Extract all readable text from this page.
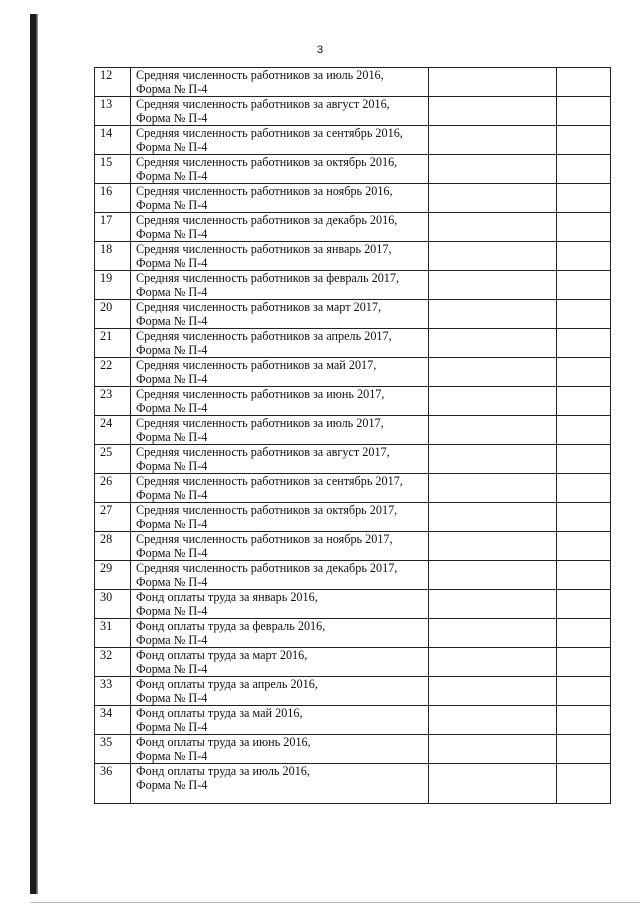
3
12	Средняя численность работников за июль 2016,
Форма № П-4		

13	Средняя численность работников за август 2016,
Форма № П-4		

14	Средняя численность работников за сентябрь 2016,
Форма № П-4		

15	Средняя численность работников за октябрь 2016,
Форма № П-4		

16	Средняя численность работников за ноябрь 2016,
Форма № П-4		

17	Средняя численность работников за декабрь 2016,
Форма № П-4		

18	Средняя численность работников за январь 2017,
Форма № П-4		

19	Средняя численность работников за февраль 2017,
Форма № П-4		

20	Средняя численность работников за март 2017,
Форма № П-4		

21	Средняя численность работников за апрель 2017,
Форма № П-4		

22	Средняя численность работников за май 2017,
Форма № П-4		

23	Средняя численность работников за июнь 2017,
Форма № П-4		

24	Средняя численность работников за июль 2017,
Форма № П-4		

25	Средняя численность работников за август 2017,
Форма № П-4		

26	Средняя численность работников за сентябрь 2017,
Форма № П-4		

27	Средняя численность работников за октябрь 2017,
Форма № П-4		

28	Средняя численность работников за ноябрь 2017,
Форма № П-4		

29	Средняя численность работников за декабрь 2017,
Форма № П-4		

30	Фонд оплаты труда за январь 2016,
Форма № П-4		

31	Фонд оплаты труда за февраль 2016,
Форма № П-4		

32	Фонд оплаты труда за март 2016,
Форма № П-4		

33	Фонд оплаты труда за апрель 2016,
Форма № П-4		

34	Фонд оплаты труда за май 2016,
Форма № П-4		

35	Фонд оплаты труда за июнь 2016,
Форма № П-4		

36	Фонд оплаты труда за июль 2016,
Форма № П-4		
